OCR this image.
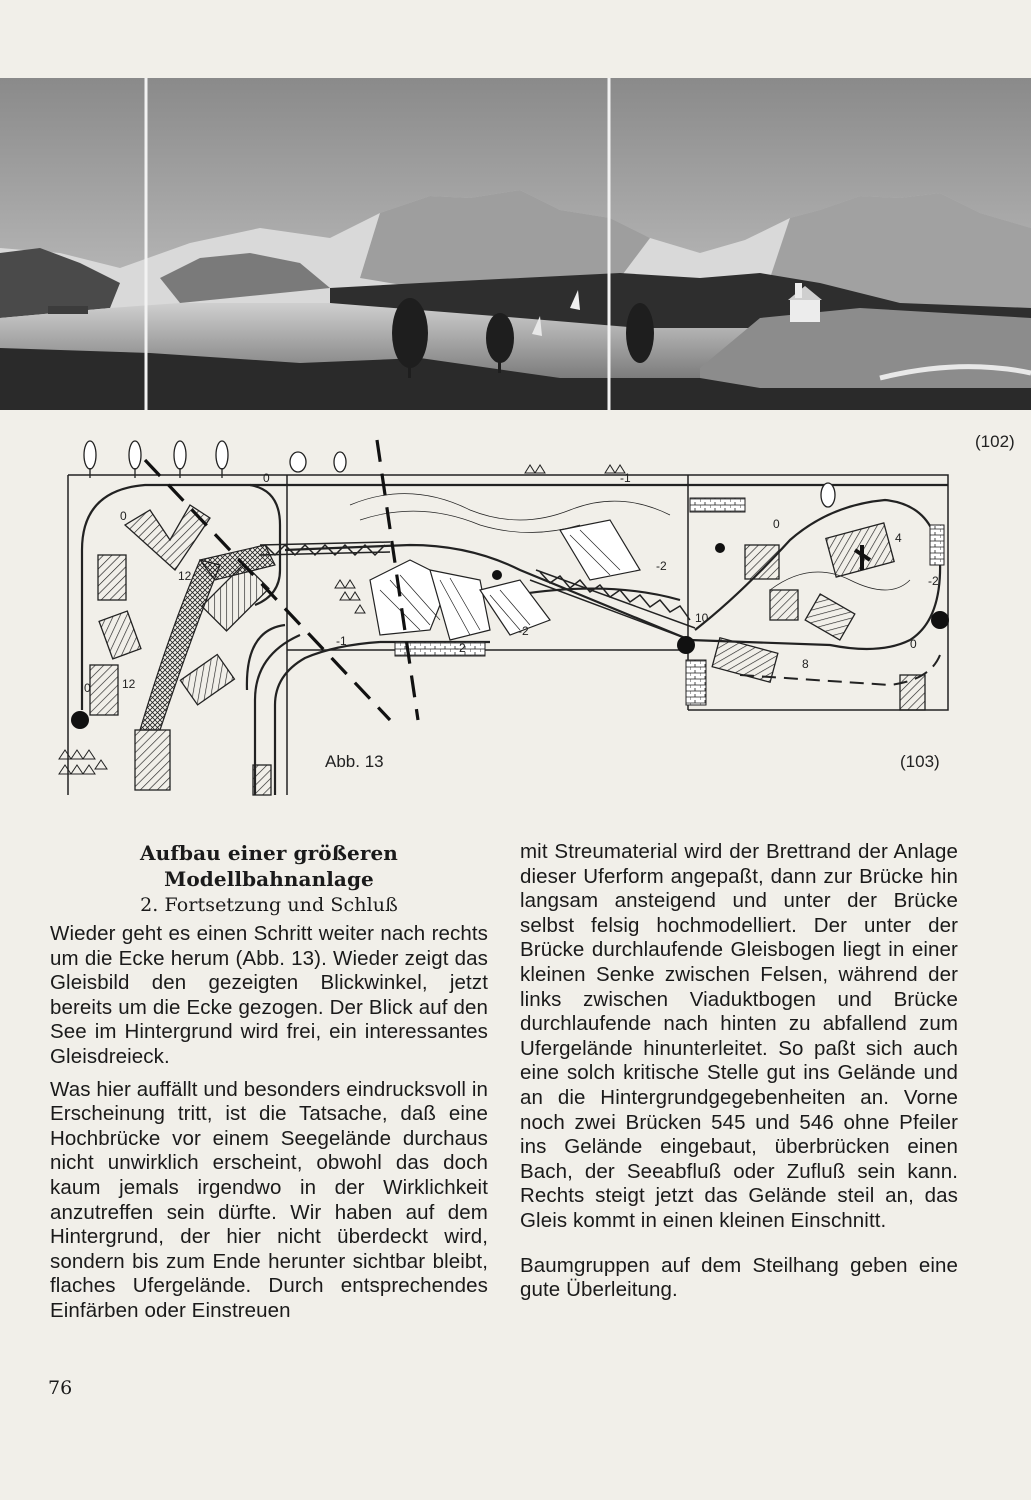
0
0
0
12
12
0
-1
-2
-1	-2
-2
4
-2
10
8
0
(102)
Abb. 13	(103)

Aufbau einer größeren Modellbahnanlage

2. Fortsetzung und Schluß

Wieder geht es einen Schritt weiter nach rechts um die Ecke herum (Abb. 13). Wieder zeigt das Gleisbild den gezeigten Blickwinkel, jetzt bereits um die Ecke gezogen. Der Blick auf den See im Hintergrund wird frei, ein interessantes Gleisdreieck.

Was hier auffällt und besonders eindrucksvoll in Erscheinung tritt, ist die Tatsache, daß eine Hochbrücke vor einem Seegelände durchaus nicht unwirklich erscheint, obwohl das doch kaum jemals irgendwo in der Wirklichkeit anzutreffen sein dürfte. Wir haben auf dem Hintergrund, der hier nicht überdeckt wird, sondern bis zum Ende herunter sichtbar bleibt, flaches Ufergelände. Durch entsprechendes Einfärben oder Einstreuen

mit Streumaterial wird der Brettrand der Anlage dieser Uferform angepaßt, dann zur Brücke hin langsam ansteigend und unter der Brücke selbst felsig hochmodelliert. Der unter der Brücke durchlaufende Gleisbogen liegt in einer kleinen Senke zwischen Felsen, während der links zwischen Viaduktbogen und Brücke durchlaufende nach hinten zu abfallend zum Ufergelände hinunterleitet. So paßt sich auch eine solch kritische Stelle gut ins Gelände und an die Hintergrundgegebenheiten an. Vorne noch zwei Brücken 545 und 546 ohne Pfeiler ins Gelände eingebaut, überbrücken einen Bach, der Seeabfluß oder Zufluß sein kann. Rechts steigt jetzt das Gelände steil an, das Gleis kommt in einen kleinen Einschnitt.

Baumgruppen auf dem Steilhang geben eine gute Überleitung.

76
